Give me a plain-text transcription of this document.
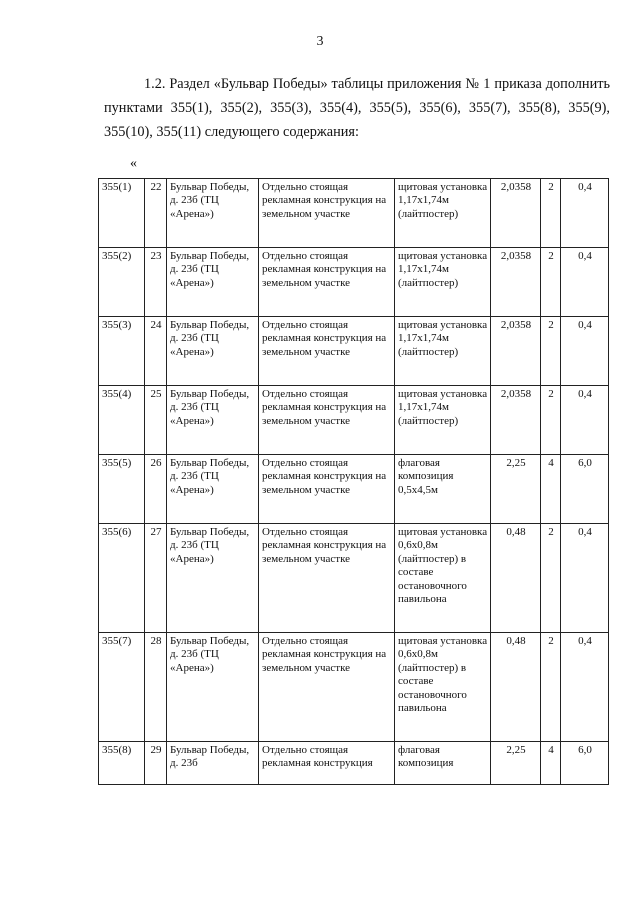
3

1.2. Раздел «Бульвар Победы» таблицы приложения № 1 приказа дополнить пунктами 355(1), 355(2), 355(3), 355(4), 355(5), 355(6), 355(7), 355(8), 355(9), 355(10), 355(11) следующего содержания:

«
355(1)	22	Бульвар Победы, д. 23б (ТЦ «Арена»)	Отдельно стоящая рекламная конструкция на земельном участке	щитовая установка 1,17х1,74м (лайтпостер)	2,0358	2	0,4
355(2)	23	Бульвар Победы, д. 23б (ТЦ «Арена»)	Отдельно стоящая рекламная конструкция на земельном участке	щитовая установка 1,17х1,74м (лайтпостер)	2,0358	2	0,4
355(3)	24	Бульвар Победы, д. 23б (ТЦ «Арена»)	Отдельно стоящая рекламная конструкция на земельном участке	щитовая установка 1,17х1,74м (лайтпостер)	2,0358	2	0,4
355(4)	25	Бульвар Победы, д. 23б (ТЦ «Арена»)	Отдельно стоящая рекламная конструкция на земельном участке	щитовая установка 1,17х1,74м (лайтпостер)	2,0358	2	0,4
355(5)	26	Бульвар Победы, д. 23б (ТЦ «Арена»)	Отдельно стоящая рекламная конструкция на земельном участке	флаговая композиция 0,5х4,5м	2,25	4	6,0
355(6)	27	Бульвар Победы, д. 23б (ТЦ «Арена»)	Отдельно стоящая рекламная конструкция на земельном участке	щитовая установка 0,6х0,8м (лайтпостер) в составе остановочного павильона	0,48	2	0,4
355(7)	28	Бульвар Победы, д. 23б (ТЦ «Арена»)	Отдельно стоящая рекламная конструкция на земельном участке	щитовая установка 0,6х0,8м (лайтпостер) в составе остановочного павильона	0,48	2	0,4
355(8)	29	Бульвар Победы, д. 23б	Отдельно стоящая рекламная конструкция	флаговая композиция	2,25	4	6,0
